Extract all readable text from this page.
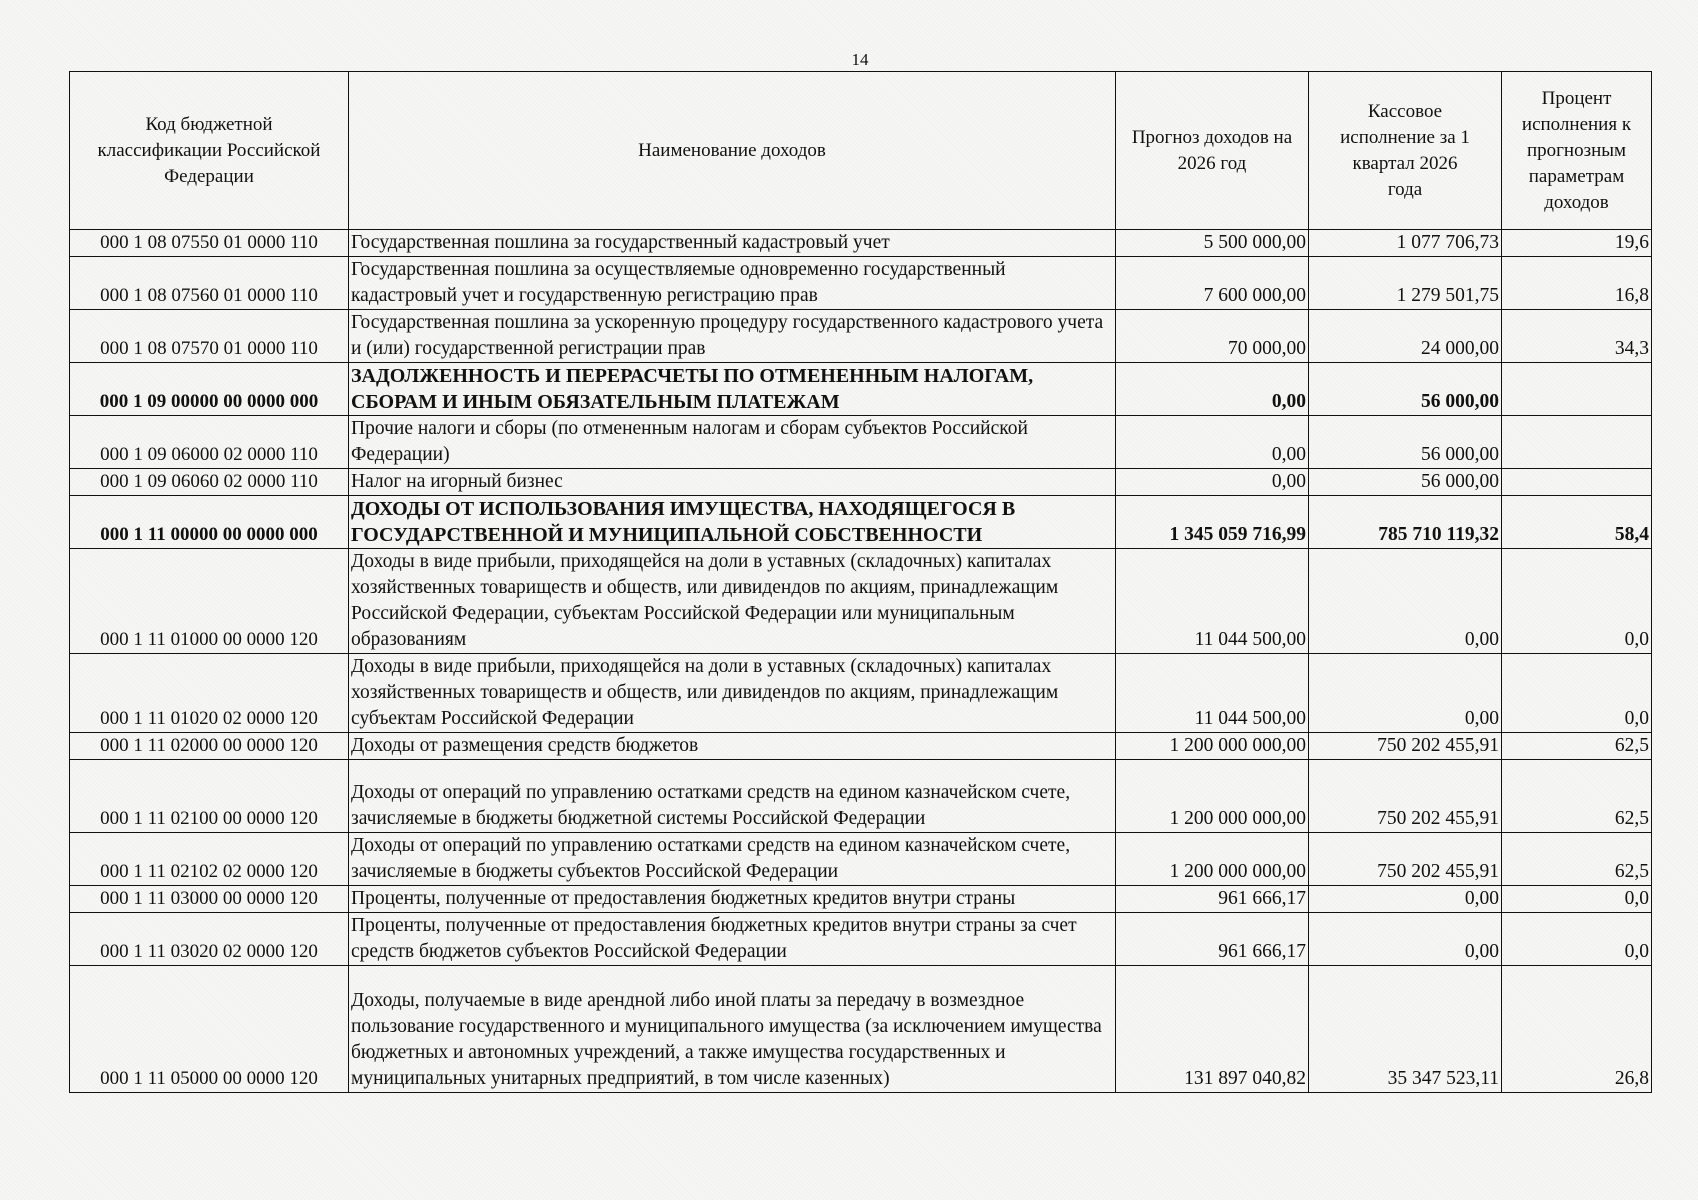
14
Код бюджетной классификации Российской Федерации	Наименование доходов	Прогноз доходов на 2026 год	Кассовое исполнение за 1 квартал 2026 года	Процент исполнения к прогнозным параметрам доходов
000 1 08 07550 01 0000 110	Государственная пошлина за государственный кадастровый учет	5 500 000,00	1 077 706,73	19,6
000 1 08 07560 01 0000 110	Государственная пошлина за осуществляемые одновременно государственный кадастровый учет и государственную регистрацию прав	7 600 000,00	1 279 501,75	16,8
000 1 08 07570 01 0000 110	Государственная пошлина за ускоренную процедуру государственного кадастрового учета и (или) государственной регистрации прав	70 000,00	24 000,00	34,3
000 1 09 00000 00 0000 000	ЗАДОЛЖЕННОСТЬ И ПЕРЕРАСЧЕТЫ ПО ОТМЕНЕННЫМ НАЛОГАМ, СБОРАМ И ИНЫМ ОБЯЗАТЕЛЬНЫМ ПЛАТЕЖАМ	0,00	56 000,00	
000 1 09 06000 02 0000 110	Прочие налоги и сборы (по отмененным налогам и сборам субъектов Российской Федерации)	0,00	56 000,00	
000 1 09 06060 02 0000 110	Налог на игорный бизнес	0,00	56 000,00	
000 1 11 00000 00 0000 000	ДОХОДЫ ОТ ИСПОЛЬЗОВАНИЯ ИМУЩЕСТВА, НАХОДЯЩЕГОСЯ В ГОСУДАРСТВЕННОЙ И МУНИЦИПАЛЬНОЙ СОБСТВЕННОСТИ	1 345 059 716,99	785 710 119,32	58,4
000 1 11 01000 00 0000 120	Доходы в виде прибыли, приходящейся на доли в уставных (складочных) капиталах хозяйственных товариществ и обществ, или дивидендов по акциям, принадлежащим Российской Федерации, субъектам Российской Федерации или муниципальным образованиям	11 044 500,00	0,00	0,0
000 1 11 01020 02 0000 120	Доходы в виде прибыли, приходящейся на доли в уставных (складочных) капиталах хозяйственных товариществ и обществ, или дивидендов по акциям, принадлежащим субъектам Российской Федерации	11 044 500,00	0,00	0,0
000 1 11 02000 00 0000 120	Доходы от размещения средств бюджетов	1 200 000 000,00	750 202 455,91	62,5
000 1 11 02100 00 0000 120	Доходы от операций по управлению остатками средств на едином казначейском счете, зачисляемые в бюджеты бюджетной системы Российской Федерации	1 200 000 000,00	750 202 455,91	62,5
000 1 11 02102 02 0000 120	Доходы от операций по управлению остатками средств на едином казначейском счете, зачисляемые в бюджеты субъектов Российской Федерации	1 200 000 000,00	750 202 455,91	62,5
000 1 11 03000 00 0000 120	Проценты, полученные от предоставления бюджетных кредитов внутри страны	961 666,17	0,00	0,0
000 1 11 03020 02 0000 120	Проценты, полученные от предоставления бюджетных кредитов внутри страны за счет средств бюджетов субъектов Российской Федерации	961 666,17	0,00	0,0
000 1 11 05000 00 0000 120	Доходы, получаемые в виде арендной либо иной платы за передачу в возмездное пользование государственного и муниципального имущества (за исключением имущества бюджетных и автономных учреждений, а также имущества государственных и муниципальных унитарных предприятий, в том числе казенных)	131 897 040,82	35 347 523,11	26,8
